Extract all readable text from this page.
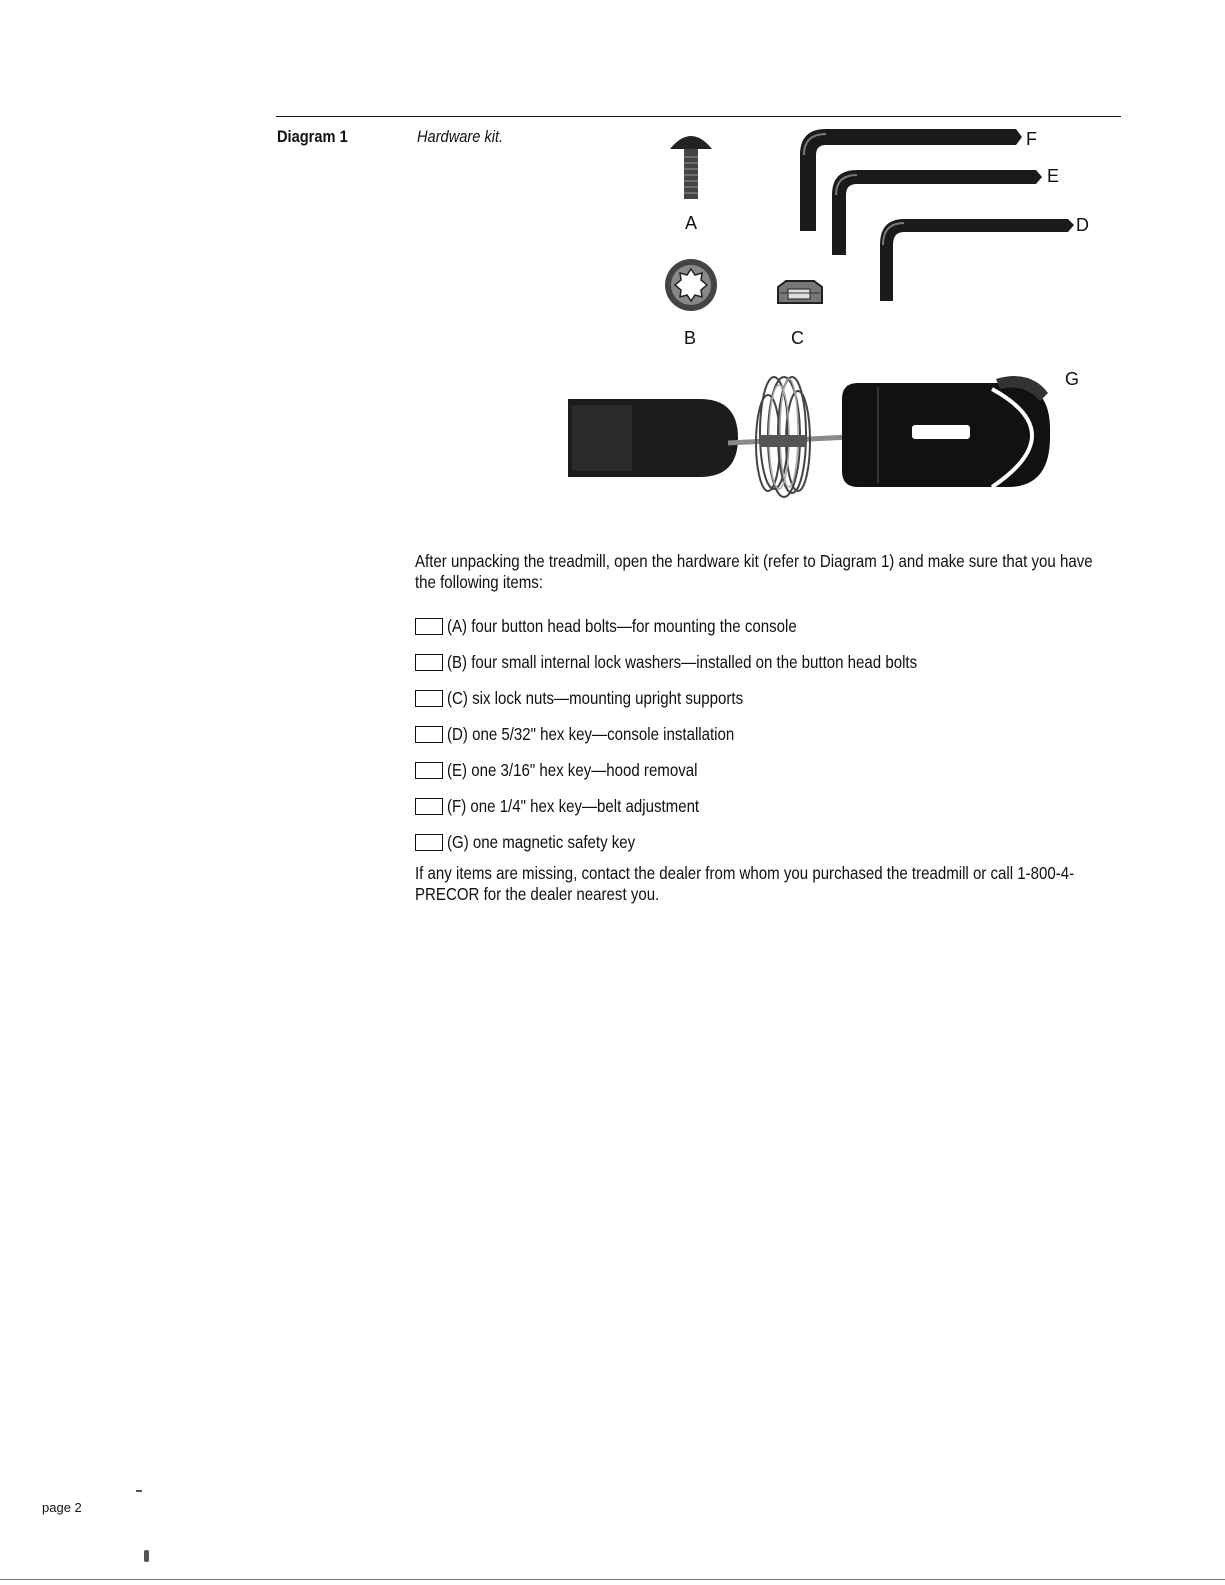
Diagram 1	Hardware kit.
A
B	C
F
E
D
G
After unpacking the treadmill, open the hardware kit (refer to Diagram 1) and make sure that you have the following items:
(A) four button head bolts—for mounting the console
(B) four small internal lock washers—installed on the button head bolts
(C) six lock nuts—mounting upright supports
(D) one 5/32" hex key—console installation
(E) one 3/16" hex key—hood removal
(F) one 1/4" hex key—belt adjustment
(G) one magnetic safety key
If any items are missing, contact the dealer from whom you purchased the treadmill or call 1-800-4-PRECOR for the dealer nearest you.
page 2
